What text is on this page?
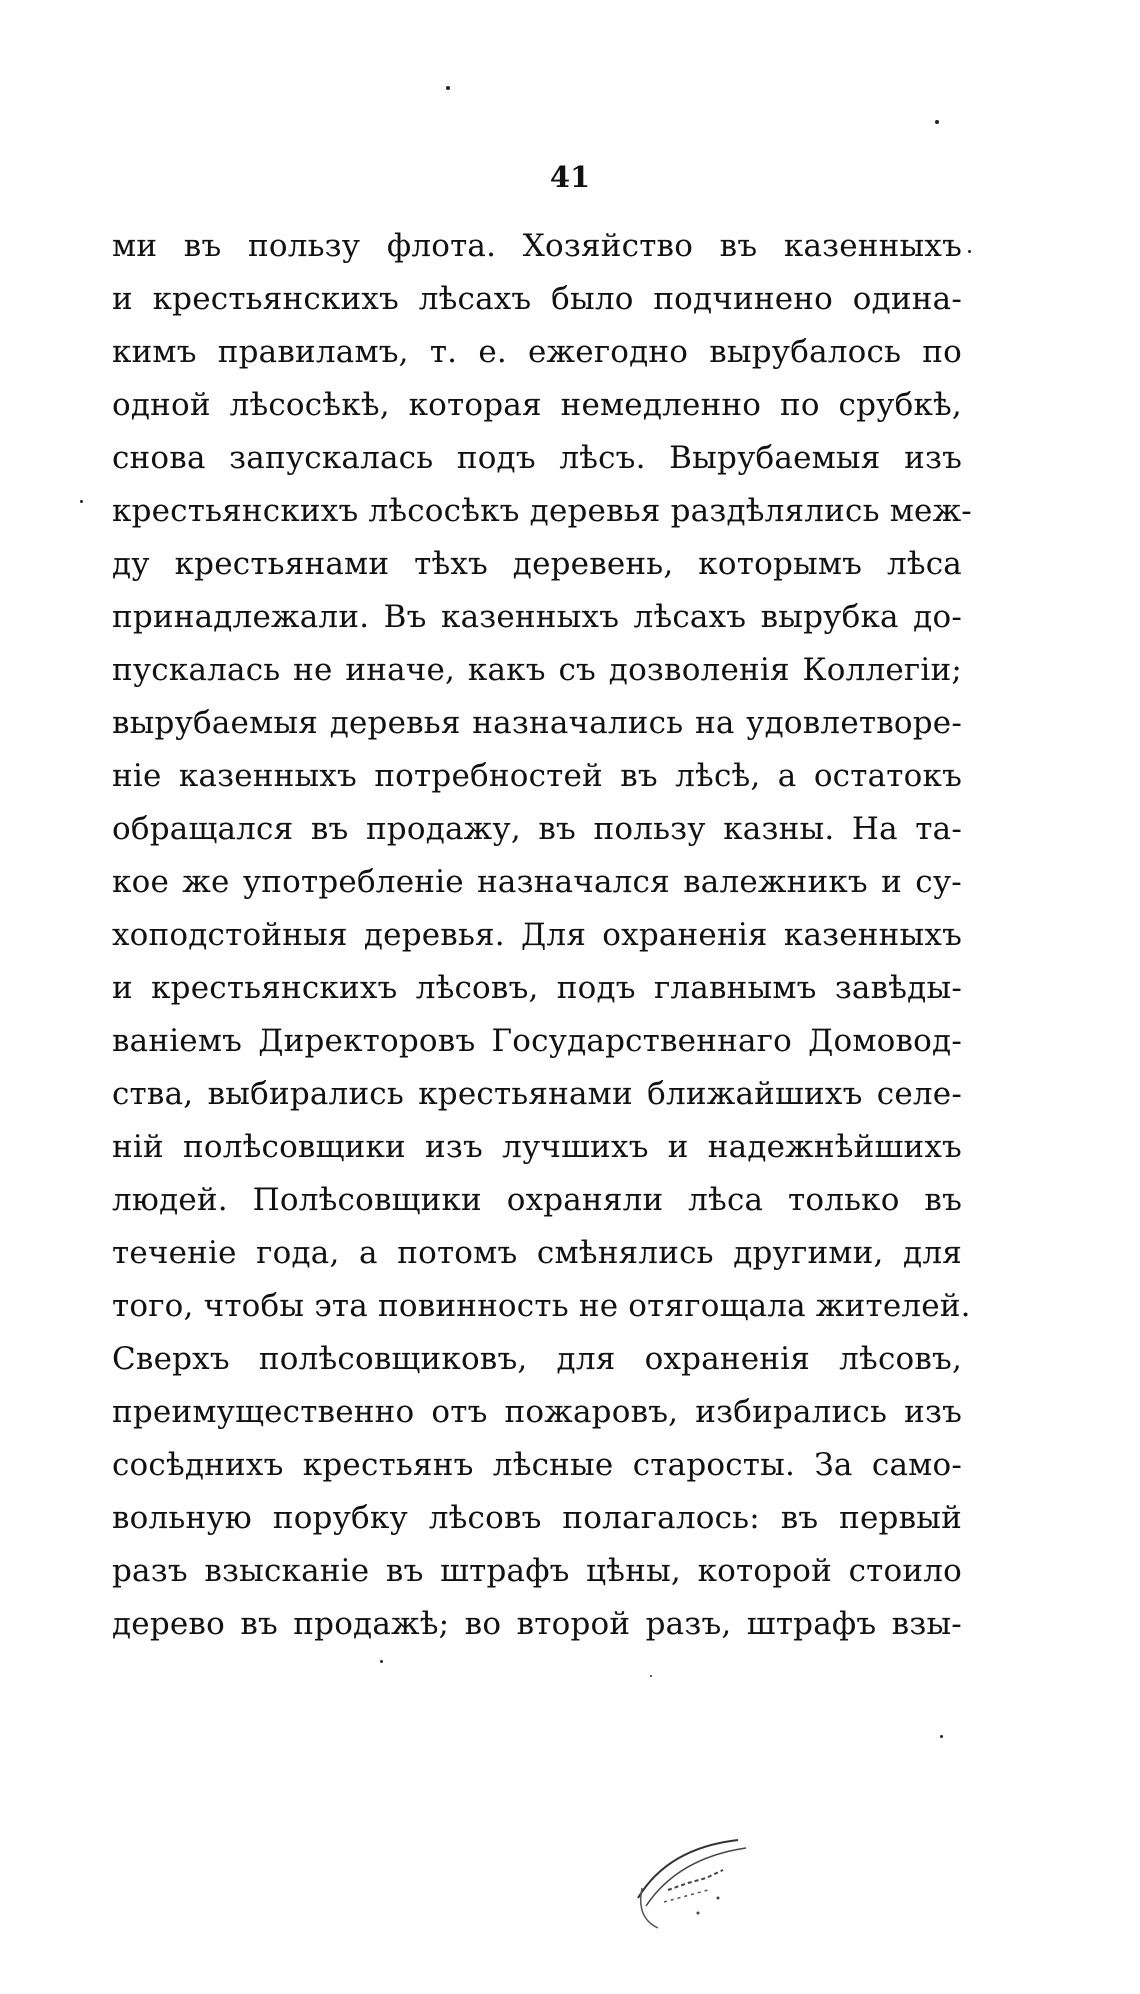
41
ми въ пользу флота. Хозяйство въ казенныхъ
и крестьянскихъ лѣсахъ было подчинено одина-
кимъ правиламъ, т. е. ежегодно вырубалось по
одной лѣсосѣкѣ, которая немедленно по срубкѣ,
снова запускалась подъ лѣсъ. Вырубаемыя изъ
крестьянскихъ лѣсосѣкъ деревья раздѣлялись меж-
ду крестьянами тѣхъ деревень, которымъ лѣса
принадлежали. Въ казенныхъ лѣсахъ вырубка до-
пускалась не иначе, какъ съ дозволенія Коллегіи;
вырубаемыя деревья назначались на удовлетворе-
ніе казенныхъ потребностей въ лѣсѣ, а остатокъ
обращался въ продажу, въ пользу казны. На та-
кое же употребленіе назначался валежникъ и су-
хоподстойныя деревья. Для охраненія казенныхъ
и крестьянскихъ лѣсовъ, подъ главнымъ завѣды-
ваніемъ Директоровъ Государственнаго Домовод-
ства, выбирались крестьянами ближайшихъ селе-
ній полѣсовщики изъ лучшихъ и надежнѣйшихъ
людей. Полѣсовщики охраняли лѣса только въ
теченіе года, а потомъ смѣнялись другими, для
того, чтобы эта повинность не отягощала жителей.
Сверхъ полѣсовщиковъ, для охраненія лѣсовъ,
преимущественно отъ пожаровъ, избирались изъ
сосѣднихъ крестьянъ лѣсные старосты. За само-
вольную порубку лѣсовъ полагалось: въ первый
разъ взысканіе въ штрафъ цѣны, которой стоило
дерево въ продажѣ; во второй разъ, штрафъ взы-
